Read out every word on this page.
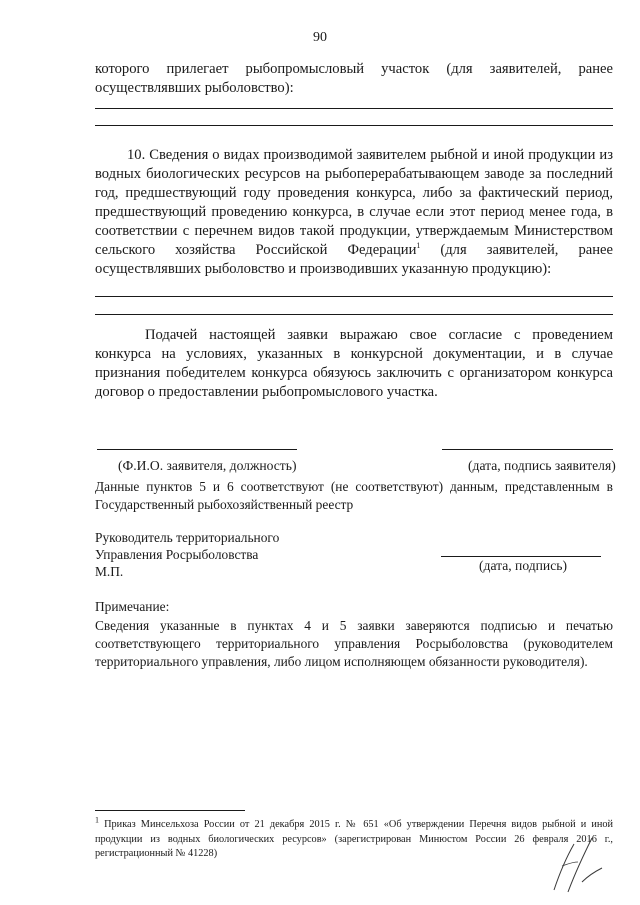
90
которого прилегает рыбопромысловый участок (для заявителей, ранее осуществлявших рыболовство):
10. Сведения о видах производимой заявителем рыбной и иной продукции из водных биологических ресурсов на рыбоперерабатывающем заводе за последний год, предшествующий году проведения конкурса, либо за фактический период, предшествующий проведению конкурса, в случае если этот период менее года, в соответствии с перечнем видов такой продукции, утверждаемым Министерством сельского хозяйства Российской Федерации$^1$ (для заявителей, ранее осуществлявших рыболовство и производивших указанную продукцию):
Подачей настоящей заявки выражаю свое согласие с проведением конкурса на условиях, указанных в конкурсной документации, и в случае признания победителем конкурса обязуюсь заключить с организатором конкурса договор о предоставлении рыбопромыслового участка.
(Ф.И.О. заявителя, должность)	(дата, подпись заявителя)
Данные пунктов 5 и 6 соответствуют (не соответствуют) данным, представленным в Государственный рыбохозяйственный реестр
Руководитель территориального
Управления Росрыболовства
М.П.	(дата, подпись)
Примечание:
Сведения указанные в пунктах 4 и 5 заявки заверяются подписью и печатью соответствующего территориального управления Росрыболовства (руководителем территориального управления, либо лицом исполняющем обязанности руководителя).
$^1$ Приказ Минсельхоза России от 21 декабря 2015 г. № 651 «Об утверждении Перечня видов рыбной и иной продукции из водных биологических ресурсов» (зарегистрирован Минюстом России 26 февраля 2016 г., регистрационный № 41228)
